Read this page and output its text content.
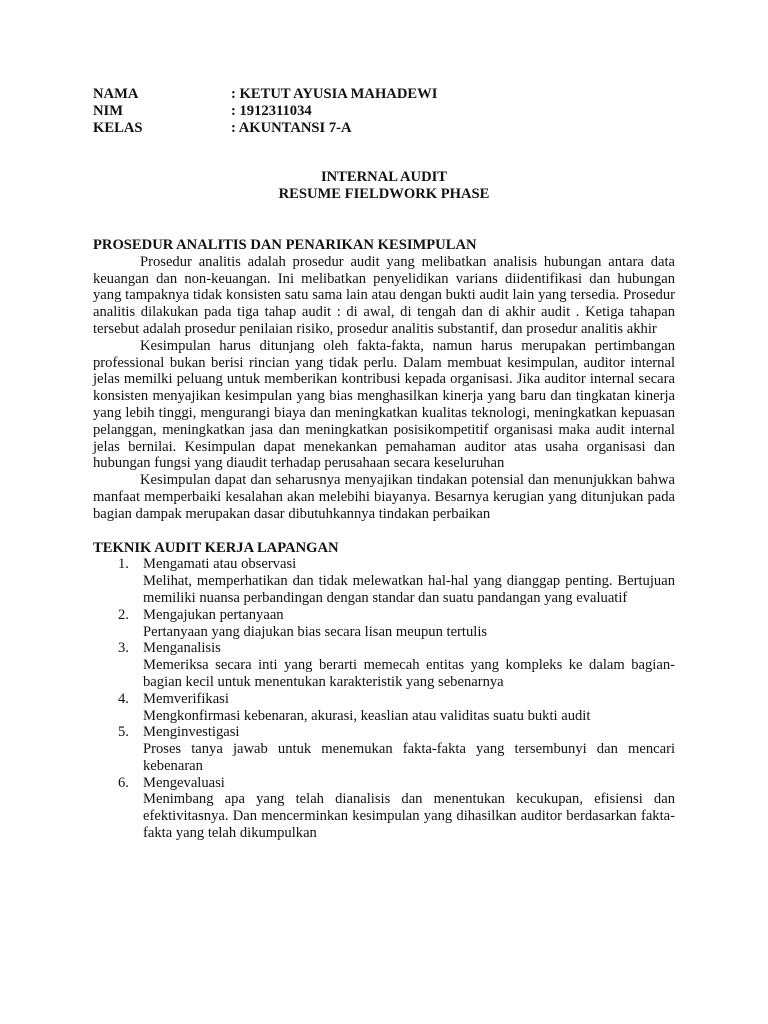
NAMA	: KETUT AYUSIA MAHADEWI
NIM	: 1912311034
KELAS	: AKUNTANSI 7-A
INTERNAL AUDIT
RESUME FIELDWORK PHASE
PROSEDUR ANALITIS DAN PENARIKAN KESIMPULAN

Prosedur analitis adalah prosedur audit yang melibatkan analisis hubungan antara data keuangan dan non-keuangan. Ini melibatkan penyelidikan varians diidentifikasi dan hubungan yang tampaknya tidak konsisten satu sama lain atau dengan bukti audit lain yang tersedia. Prosedur analitis dilakukan pada tiga tahap audit : di awal, di tengah dan di akhir audit . Ketiga tahapan tersebut adalah prosedur penilaian risiko, prosedur analitis substantif, dan prosedur analitis akhir

Kesimpulan harus ditunjang oleh fakta-fakta, namun harus merupakan pertimbangan professional bukan berisi rincian yang tidak perlu. Dalam membuat kesimpulan, auditor internal jelas memilki peluang untuk memberikan kontribusi kepada organisasi. Jika auditor internal secara konsisten menyajikan kesimpulan yang bias menghasilkan kinerja yang baru dan tingkatan kinerja yang lebih tinggi, mengurangi biaya dan meningkatkan kualitas teknologi, meningkatkan kepuasan pelanggan, meningkatkan jasa dan meningkatkan posisikompetitif organisasi maka audit internal jelas bernilai. Kesimpulan dapat menekankan pemahaman auditor atas usaha organisasi dan hubungan fungsi yang diaudit terhadap perusahaan secara keseluruhan

Kesimpulan dapat dan seharusnya menyajikan tindakan potensial dan menunjukkan bahwa manfaat memperbaiki kesalahan akan melebihi biayanya. Besarnya kerugian yang ditunjukan pada bagian dampak merupakan dasar dibutuhkannya tindakan perbaikan

TEKNIK AUDIT KERJA LAPANGAN
1. Mengamati atau observasi
Melihat, memperhatikan dan tidak melewatkan hal-hal yang dianggap penting. Bertujuan memiliki nuansa perbandingan dengan standar dan suatu pandangan yang evaluatif
2. Mengajukan pertanyaan
Pertanyaan yang diajukan bias secara lisan meupun tertulis
3. Menganalisis
Memeriksa secara inti yang berarti memecah entitas yang kompleks ke dalam bagian-bagian kecil untuk menentukan karakteristik yang sebenarnya
4. Memverifikasi
Mengkonfirmasi kebenaran, akurasi, keaslian atau validitas suatu bukti audit
5. Menginvestigasi
Proses tanya jawab untuk menemukan fakta-fakta yang tersembunyi dan mencari kebenaran
6. Mengevaluasi
Menimbang apa yang telah dianalisis dan menentukan kecukupan, efisiensi dan efektivitasnya. Dan mencerminkan kesimpulan yang dihasilkan auditor berdasarkan fakta-fakta yang telah dikumpulkan
